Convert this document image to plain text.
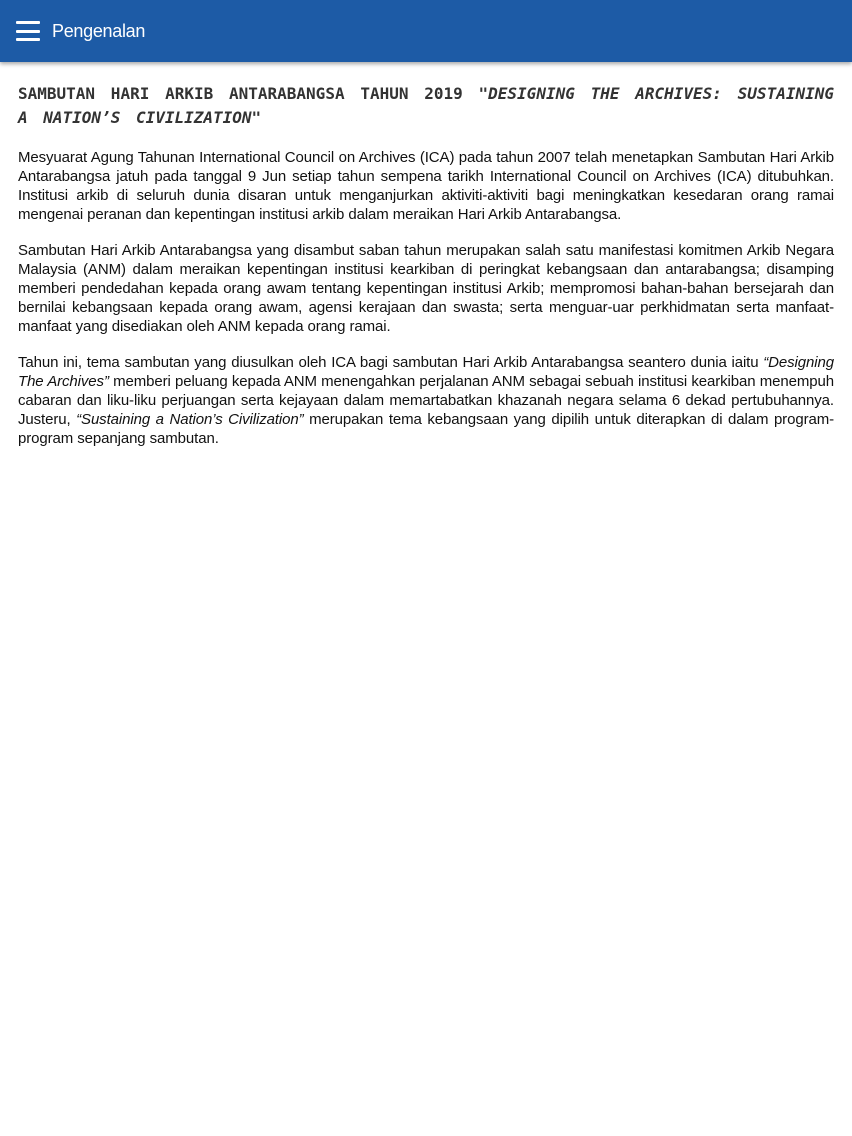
Pengenalan
SAMBUTAN HARI ARKIB ANTARABANGSA TAHUN 2019 "DESIGNING THE ARCHIVES: SUSTAINING A NATION’S CIVILIZATION"

Mesyuarat Agung Tahunan International Council on Archives (ICA) pada tahun 2007 telah menetapkan Sambutan Hari Arkib Antarabangsa jatuh pada tanggal 9 Jun setiap tahun sempena tarikh International Council on Archives (ICA) ditubuhkan. Institusi arkib di seluruh dunia disaran untuk menganjurkan aktiviti-aktiviti bagi meningkatkan kesedaran orang ramai mengenai peranan dan kepentingan institusi arkib dalam meraikan Hari Arkib Antarabangsa.

Sambutan Hari Arkib Antarabangsa yang disambut saban tahun merupakan salah satu manifestasi komitmen Arkib Negara Malaysia (ANM) dalam meraikan kepentingan institusi kearkiban di peringkat kebangsaan dan antarabangsa; disamping memberi pendedahan kepada orang awam tentang kepentingan institusi Arkib; mempromosi bahan-bahan bersejarah dan bernilai kebangsaan kepada orang awam, agensi kerajaan dan swasta; serta menguar-uar perkhidmatan serta manfaat-manfaat yang disediakan oleh ANM kepada orang ramai.

Tahun ini, tema sambutan yang diusulkan oleh ICA bagi sambutan Hari Arkib Antarabangsa seantero dunia iaitu “Designing The Archives” memberi peluang kepada ANM menengahkan perjalanan ANM sebagai sebuah institusi kearkiban menempuh cabaran dan liku-liku perjuangan serta kejayaan dalam memartabatkan khazanah negara selama 6 dekad pertubuhannya. Justeru, “Sustaining a Nation’s Civilization” merupakan tema kebangsaan yang dipilih untuk diterapkan di dalam program-program sepanjang sambutan.
